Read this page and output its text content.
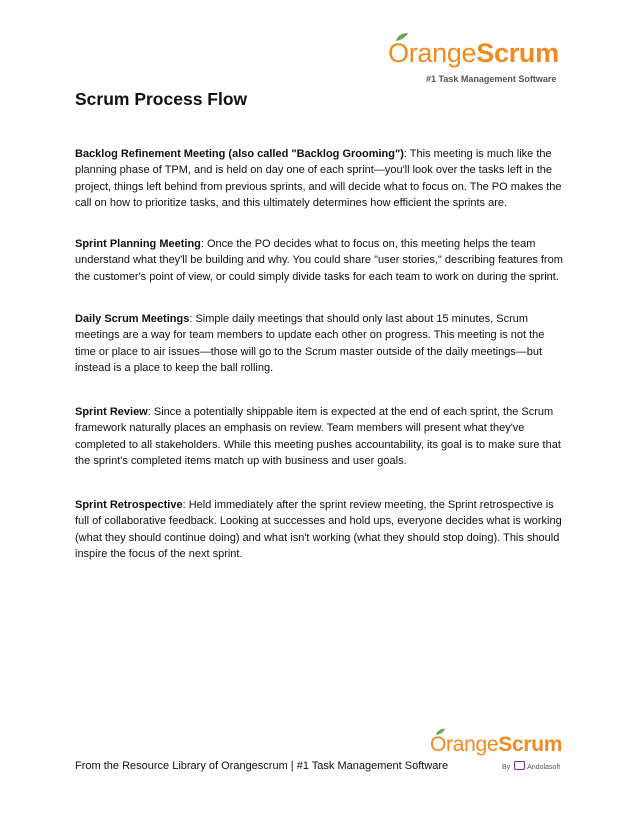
OrangeScrum
#1 Task Management Software
Scrum Process Flow

Backlog Refinement Meeting (also called "Backlog Grooming"): This meeting is much like the planning phase of TPM, and is held on day one of each sprint—you'll look over the tasks left in the project, things left behind from previous sprints, and will decide what to focus on. The PO makes the call on how to prioritize tasks, and this ultimately determines how efficient the sprints are.

Sprint Planning Meeting: Once the PO decides what to focus on, this meeting helps the team understand what they'll be building and why. You could share "user stories," describing features from the customer's point of view, or could simply divide tasks for each team to work on during the sprint.

Daily Scrum Meetings: Simple daily meetings that should only last about 15 minutes, Scrum meetings are a way for team members to update each other on progress. This meeting is not the time or place to air issues—those will go to the Scrum master outside of the daily meetings—but instead is a place to keep the ball rolling.

Sprint Review: Since a potentially shippable item is expected at the end of each sprint, the Scrum framework naturally places an emphasis on review. Team members will present what they've completed to all stakeholders. While this meeting pushes accountability, its goal is to make sure that the sprint's completed items match up with business and user goals.

Sprint Retrospective: Held immediately after the sprint review meeting, the Sprint retrospective is full of collaborative feedback. Looking at successes and hold ups, everyone decides what is working (what they should continue doing) and what isn't working (what they should stop doing). This should inspire the focus of the next sprint.

From the Resource Library of Orangescrum | #1 Task Management Software
OrangeScrum
By Andolasoft
